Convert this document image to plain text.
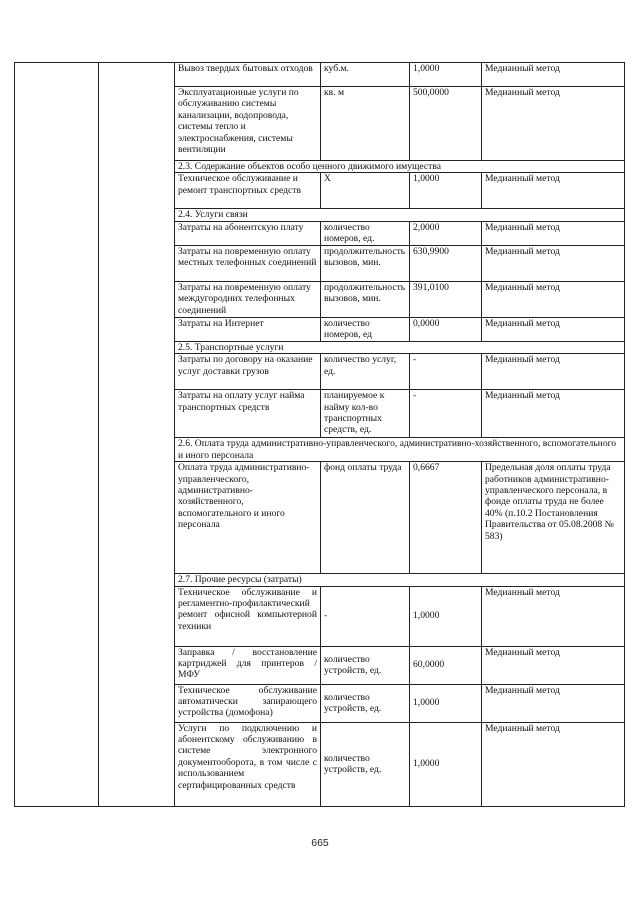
		Вывоз твердых бытовых отходов	куб.м.	1,0000	Медианный метод
		Эксплуатационные услуги по обслуживанию системы канализации, водопровода, системы тепло и электроснабжения, системы вентиляции	кв. м	500,0000	Медианный метод
		2.3. Содержание объектов особо ценного движимого имущества			
		Техническое обслуживание и ремонт транспортных средств	Х	1,0000	Медианный метод
		2.4. Услуги связи			
		Затраты на абонентскую плату	количество номеров, ед.	2,0000	Медианный метод
		Затраты на повременную оплату местных телефонных соединений	продолжительность вызовов, мин.	630,9900	Медианный метод
		Затраты на повременную оплату междугородних телефонных соединений	продолжительность вызовов, мин.	391,0100	Медианный метод
		Затраты на Интернет	количество номеров, ед	0,0000	Медианный метод
		2.5. Транспортные услуги			
		Затраты по договору на оказание услуг доставки грузов	количество услуг, ед.	-	Медианный метод
		Затраты на оплату услуг найма транспортных средств	планируемое к найму кол-во транспортных средств, ед.	-	Медианный метод
		2.6. Оплата труда административно-управленческого, административно-хозяйственного, вспомогательного и иного персонала			
		Оплата труда административно-управленческого, административно-хозяйственного, вспомогательного и иного персонала	фонд оплаты труда	0,6667	Предельная доля оплаты труда работников административно-управленческого персонала, в фонде оплаты труда не более 40% (п.10.2 Постановления Правительства от 05.08.2008 № 583)
		2.7. Прочие ресурсы (затраты)			
		Техническое обслуживание и регламентно-профилактический ремонт офисной компьютерной техники	-	1,0000	Медианный метод
		Заправка / восстановление картриджей для принтеров / МФУ	количество устройств, ед.	60,0000	Медианный метод
		Техническое обслуживание автоматически запирающего устройства (домофона)	количество устройств, ед.	1,0000	Медианный метод
		Услуги по подключению и абонентскому обслуживанию в системе электронного документооборота, в том числе с использованием сертифицированных средств	количество устройств, ед.	1,0000	Медианный метод
665
